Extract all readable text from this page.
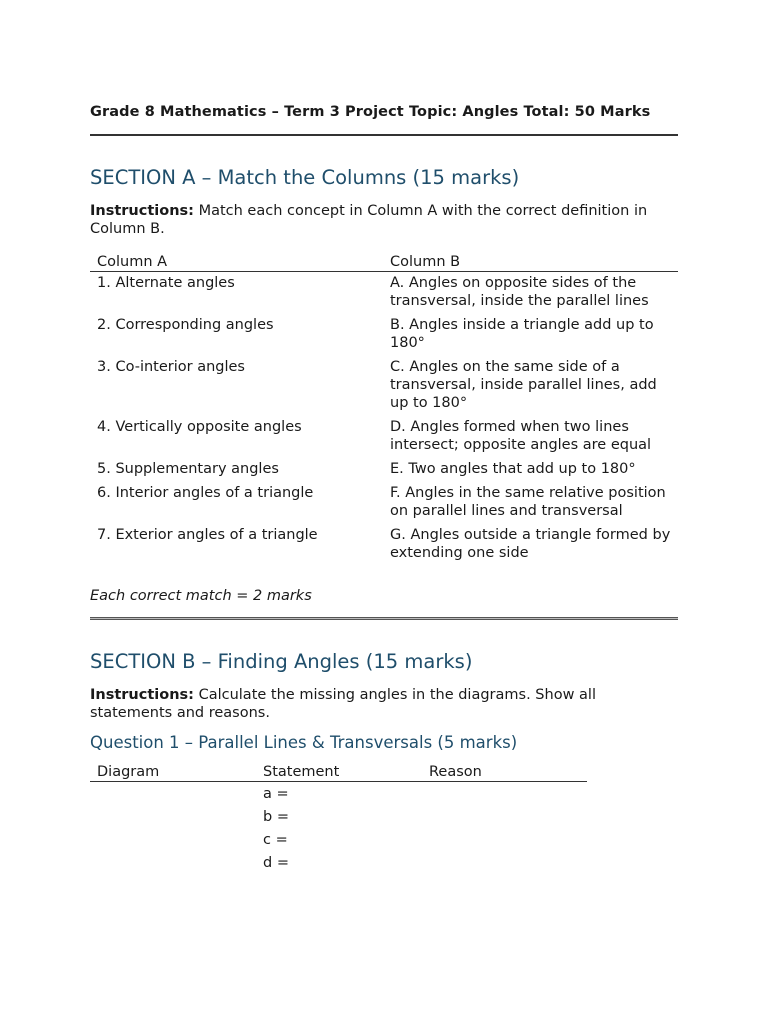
Grade 8 Mathematics – Term 3 Project Topic: Angles Total: 50 Marks
SECTION A – Match the Columns (15 marks)
Instructions: Match each concept in Column A with the correct definition in Column B.
Column A	Column B
1. Alternate angles	A. Angles on opposite sides of the transversal, inside the parallel lines
2. Corresponding angles	B. Angles inside a triangle add up to 180°
3. Co-interior angles	C. Angles on the same side of a transversal, inside parallel lines, add up to 180°
4. Vertically opposite angles	D. Angles formed when two lines intersect; opposite angles are equal
5. Supplementary angles	E. Two angles that add up to 180°
6. Interior angles of a triangle	F. Angles in the same relative position on parallel lines and transversal
7. Exterior angles of a triangle	G. Angles outside a triangle formed by extending one side
Each correct match = 2 marks
SECTION B – Finding Angles (15 marks)
Instructions: Calculate the missing angles in the diagrams. Show all statements and reasons.
Question 1 – Parallel Lines & Transversals (5 marks)
Diagram	Statement	Reason
	a =	
	b =	
	c =	
	d =	
